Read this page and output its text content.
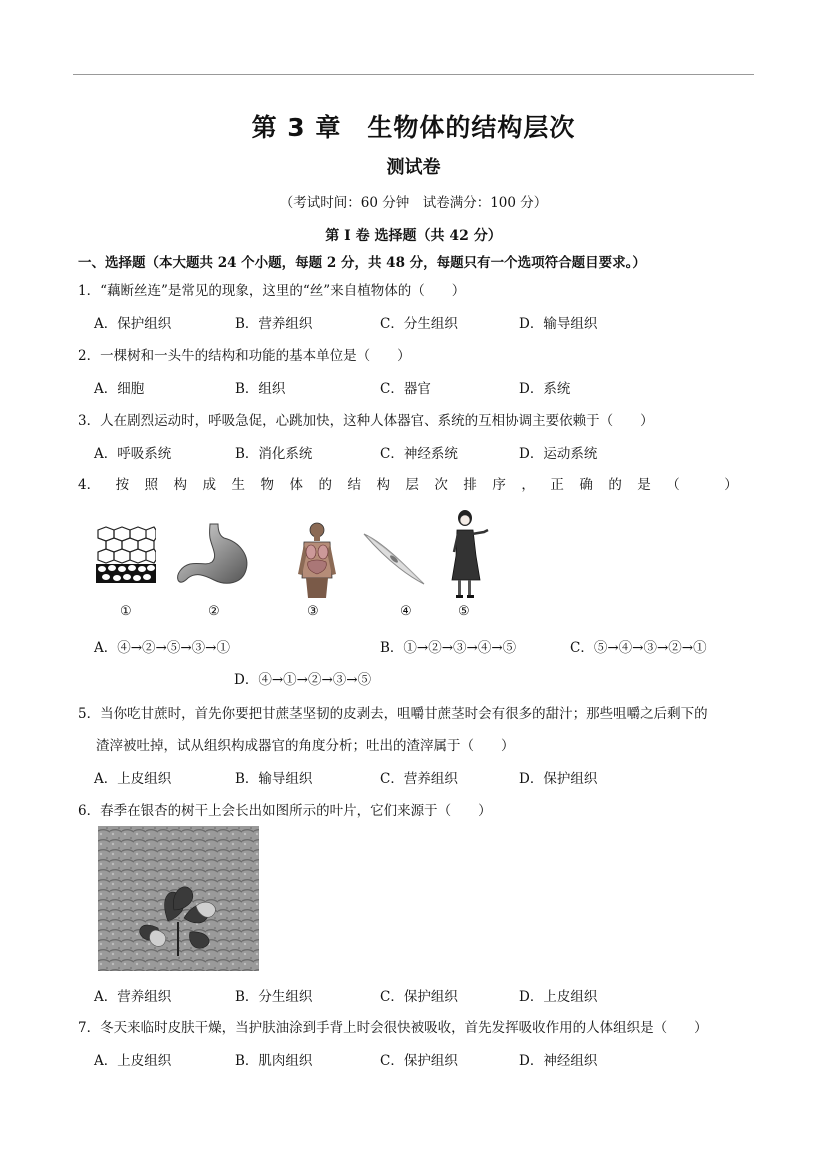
第 3 章　生物体的结构层次
测试卷
（考试时间：60 分钟　试卷满分：100 分）
第 I 卷 选择题（共 42 分）
一、选择题（本大题共 24 个小题，每题 2 分，共 48 分，每题只有一个选项符合题目要求。）
1．“藕断丝连”是常见的现象，这里的“丝”来自植物体的（　　）
A．保护组织	B．营养组织	C．分生组织	D．输导组织
2．一棵树和一头牛的结构和功能的基本单位是（　　）
A．细胞	B．组织	C．器官	D．系统
3．人在剧烈运动时，呼吸急促，心跳加快，这种人体器官、系统的互相协调主要依赖于（　　）
A．呼吸系统	B．消化系统	C．神经系统	D．运动系统
4． 按 照 构 成 生 物 体 的 结 构 层 次 排 序 ， 正 确 的 是 （
　	）
①	②	③	④	⑤
A．④→②→⑤→③→①	B．①→②→③→④→⑤	C．⑤→④→③→②→①
D．④→①→②→③→⑤
5．当你吃甘蔗时，首先你要把甘蔗茎坚韧的皮剥去，咀嚼甘蔗茎时会有很多的甜汁；那些咀嚼之后剩下的
渣滓被吐掉，试从组织构成器官的角度分析；吐出的渣滓属于（　　）
A．上皮组织	B．输导组织	C．营养组织	D．保护组织
6．春季在银杏的树干上会长出如图所示的叶片，它们来源于（　　）
A．营养组织	B．分生组织	C．保护组织	D．上皮组织
7．冬天来临时皮肤干燥，当护肤油涂到手背上时会很快被吸收，首先发挥吸收作用的人体组织是（　　）
A．上皮组织	B．肌肉组织	C．保护组织	D．神经组织
